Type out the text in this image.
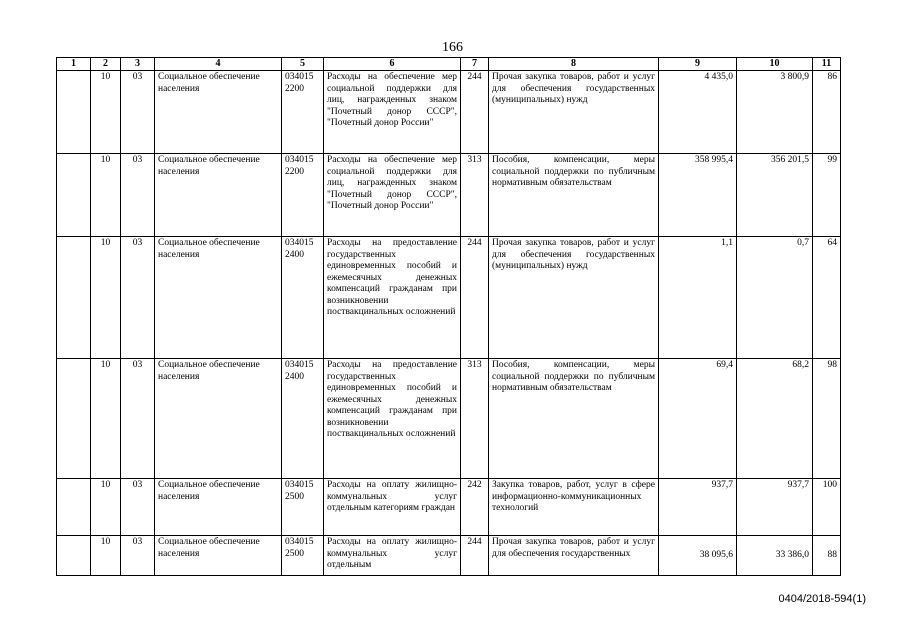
166
1	2	3	4	5	6	7	8	9	10	11
	10	03	Социальное обеспечение населения	034015 2200	Расходы на обеспечение мер социальной поддержки для лиц, награжденных знаком "Почетный донор СССР", "Почетный донор России"	244	Прочая закупка товаров, работ и услуг для обеспечения государственных (муниципальных) нужд	4 435,0	3 800,9	86
	10	03	Социальное обеспечение населения	034015 2200	Расходы на обеспечение мер социальной поддержки для лиц, награжденных знаком "Почетный донор СССР", "Почетный донор России"	313	Пособия, компенсации, меры социальной поддержки по публичным нормативным обязательствам	358 995,4	356 201,5	99
	10	03	Социальное обеспечение населения	034015 2400	Расходы на предоставление государственных единовременных пособий и ежемесячных денежных компенсаций гражданам при возникновении поствакцинальных осложнений	244	Прочая закупка товаров, работ и услуг для обеспечения государственных (муниципальных) нужд	1,1	0,7	64
	10	03	Социальное обеспечение населения	034015 2400	Расходы на предоставление государственных единовременных пособий и ежемесячных денежных компенсаций гражданам при возникновении поствакцинальных осложнений	313	Пособия, компенсации, меры социальной поддержки по публичным нормативным обязательствам	69,4	68,2	98
	10	03	Социальное обеспечение населения	034015 2500	Расходы на оплату жилищно-коммунальных услуг отдельным категориям граждан	242	Закупка товаров, работ, услуг в сфере информационно-коммуникационных технологий	937,7	937,7	100
	10	03	Социальное обеспечение населения	034015 2500	Расходы на оплату жилищно-коммунальных услуг отдельным	244	Прочая закупка товаров, работ и услуг для обеспечения государственных	38 095,6	33 386,0	88
0404/2018-594(1)
